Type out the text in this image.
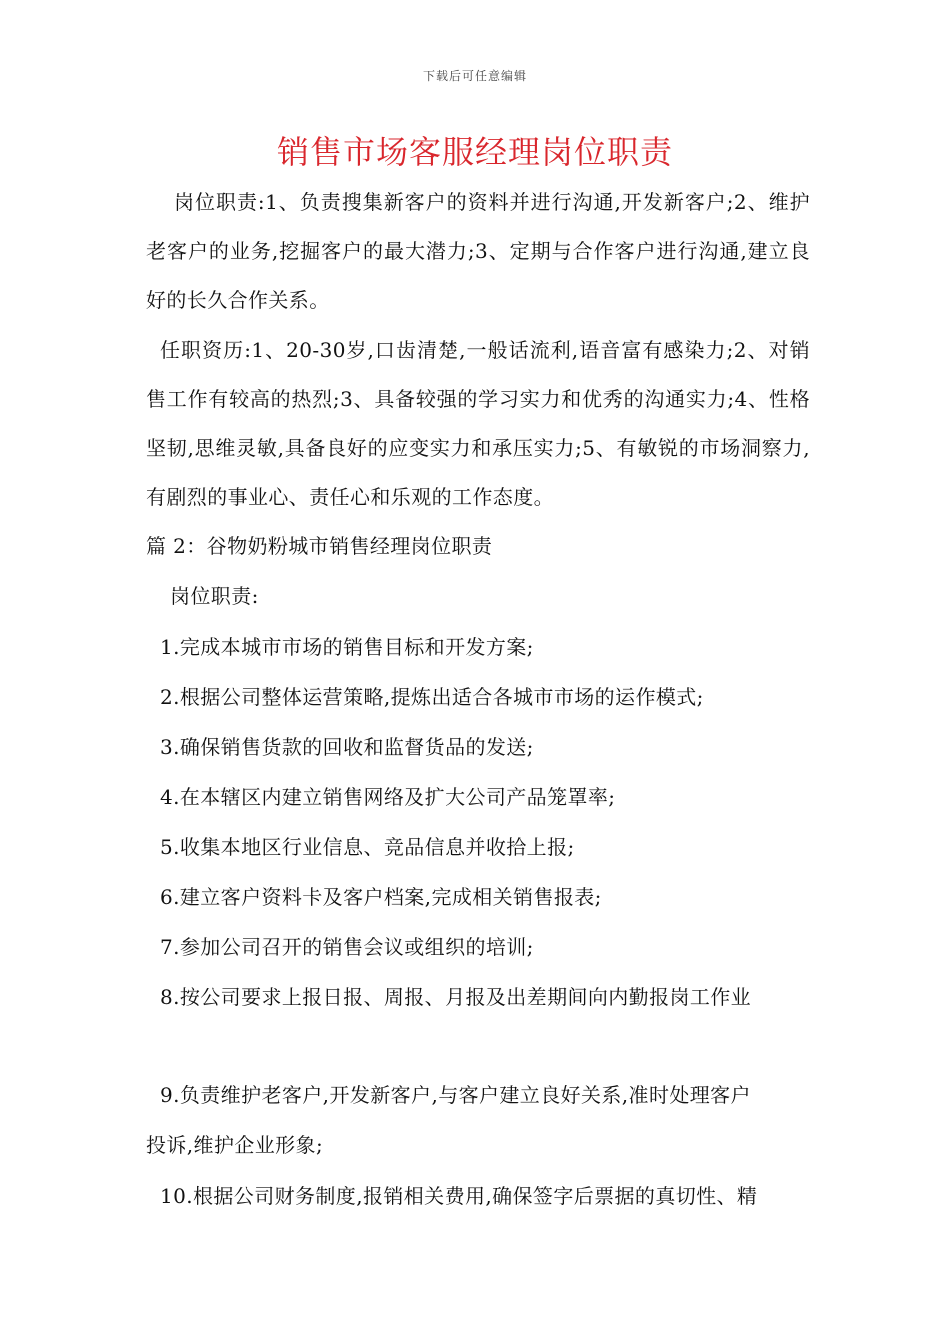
下载后可任意编辑
销售市场客服经理岗位职责

岗位职责:1、负责搜集新客户的资料并进行沟通,开发新客户;2、维护老客户的业务,挖掘客户的最大潜力;3、定期与合作客户进行沟通,建立良好的长久合作关系。

任职资历:1、20-30岁,口齿清楚,一般话流利,语音富有感染力;2、对销售工作有较高的热烈;3、具备较强的学习实力和优秀的沟通实力;4、性格坚韧,思维灵敏,具备良好的应变实力和承压实力;5、有敏锐的市场洞察力,有剧烈的事业心、责任心和乐观的工作态度。

篇 2：谷物奶粉城市销售经理岗位职责
岗位职责:
1.完成本城市市场的销售目标和开发方案;
2.根据公司整体运营策略,提炼出适合各城市市场的运作模式;
3.确保销售货款的回收和监督货品的发送;
4.在本辖区内建立销售网络及扩大公司产品笼罩率;
5.收集本地区行业信息、竞品信息并收拾上报;
6.建立客户资料卡及客户档案,完成相关销售报表;
7.参加公司召开的销售会议或组织的培训;
8.按公司要求上报日报、周报、月报及出差期间向内勤报岗工作业
9.负责维护老客户,开发新客户,与客户建立良好关系,准时处理客户
投诉,维护企业形象;
10.根据公司财务制度,报销相关费用,确保签字后票据的真切性、精
